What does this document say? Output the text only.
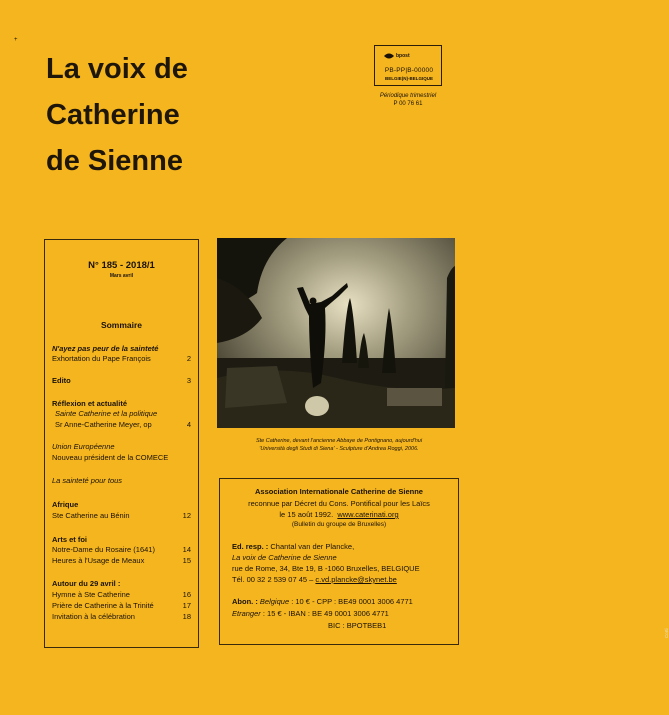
+
La voix de
Catherine
de Sienne
bpost
PB-PP|B-00000
BELGIE(N)-BELGIQUE
Périodique trimestriel
P 00 76 61
N° 185 - 2018/1
Mars avril
Sommaire
N'ayez pas peur de la sainteté
Exhortation du Pape François	2
Edito	3
Réflexion et actualité
Sainte Catherine et la politique
Sr Anne-Catherine Meyer, op	4
Union Européenne
Nouveau président de la COMECE
La sainteté pour tous
Afrique
Ste Catherine au Bénin	12
Arts et foi
Notre-Dame du Rosaire (1641)	14
Heures à l'Usage de Meaux	15
Autour du 29 avril :
Hymne à Ste Catherine	16
Prière de Catherine à la Trinité	17
Invitation à la célébration	18
Corti
Ste Catherine, devant l'ancienne Abbaye de Pontignano, aujourd'hui
'Università degli Studi di Siena' - Sculpture d'Andrea Roggi, 2006.
Association Internationale Catherine de Sienne
reconnue par Décret du Cons. Pontifical pour les Laïcs
le 15 août 1992. www.caterinati.org
(Bulletin du groupe de Bruxelles)
Ed. resp. : Chantal van der Plancke,
La voix de Catherine de Sienne
rue de Rome, 34, Bte 19, B -1060 Bruxelles, BELGIQUE
Tél. 00 32 2 539 07 45 – c.vd.plancke@skynet.be
Abon. : Belgique : 10 € - CPP : BE49 0001 3006 4771
Etranger : 15 € - IBAN : BE 49 0001 3006 4771
BIC : BPOTBEB1
